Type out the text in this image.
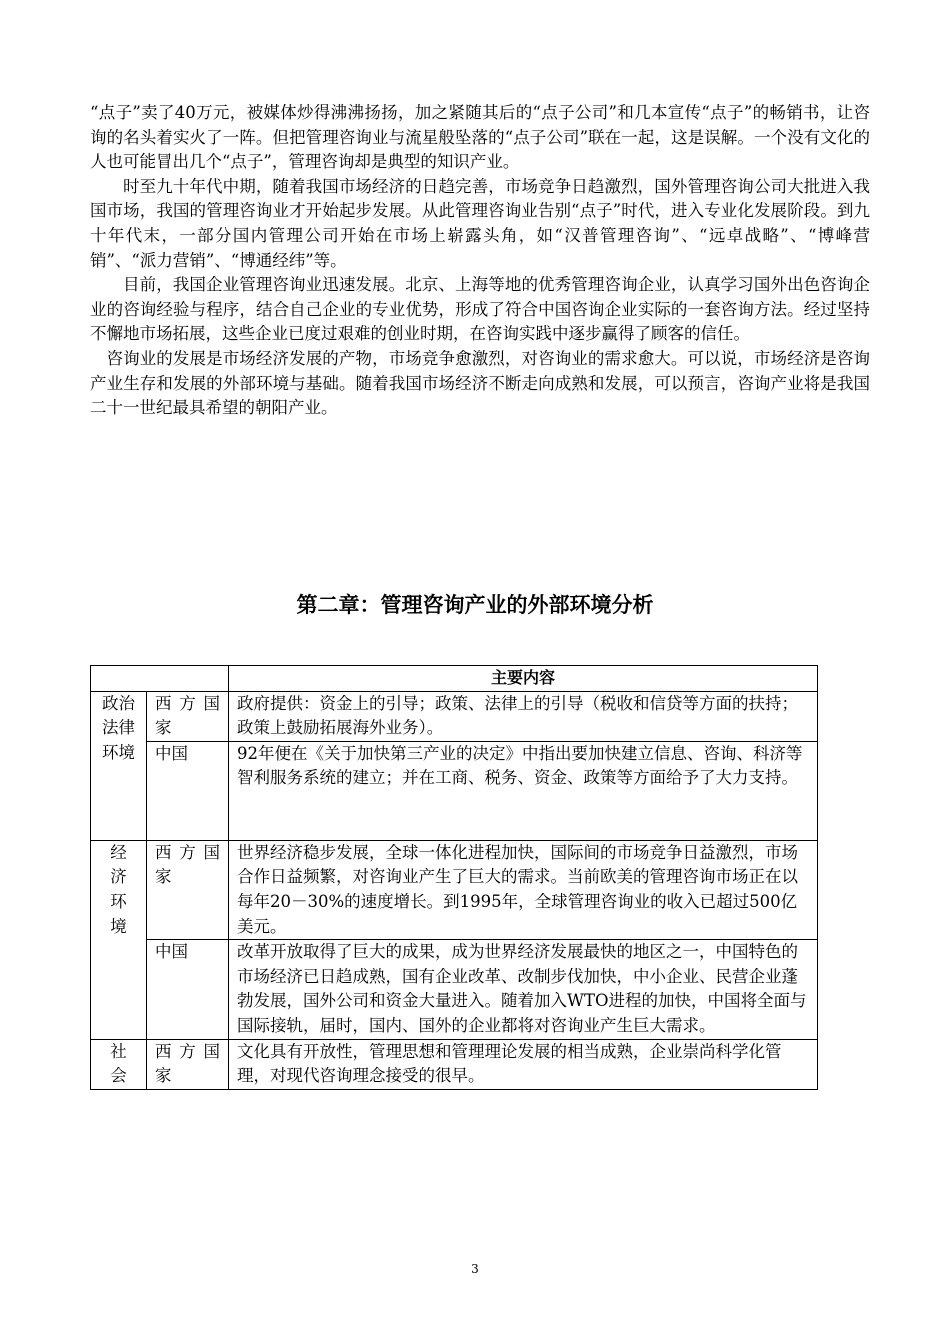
“点子”卖了40万元，被媒体炒得沸沸扬扬，加之紧随其后的“点子公司”和几本宣传“点子”的畅销书，让咨询的名头着实火了一阵。但把管理咨询业与流星般坠落的“点子公司”联在一起，这是误解。一个没有文化的人也可能冒出几个“点子”，管理咨询却是典型的知识产业。

时至九十年代中期，随着我国市场经济的日趋完善，市场竞争日趋激烈，国外管理咨询公司大批进入我国市场，我国的管理咨询业才开始起步发展。从此管理咨询业告别“点子”时代，进入专业化发展阶段。到九十年代末，一部分国内管理公司开始在市场上崭露头角，如“汉普管理咨询”、“远卓战略”、“博峰营销”、“派力营销”、“博通经纬”等。

目前，我国企业管理咨询业迅速发展。北京、上海等地的优秀管理咨询企业，认真学习国外出色咨询企业的咨询经验与程序，结合自己企业的专业优势，形成了符合中国咨询企业实际的一套咨询方法。经过坚持不懈地市场拓展，这些企业已度过艰难的创业时期，在咨询实践中逐步赢得了顾客的信任。

咨询业的发展是市场经济发展的产物，市场竞争愈激烈，对咨询业的需求愈大。可以说，市场经济是咨询产业生存和发展的外部环境与基础。随着我国市场经济不断走向成熟和发展，可以预言，咨询产业将是我国二十一世纪最具希望的朝阳产业。

第二章：管理咨询产业的外部环境分析
		主要内容
政治法律环境	西方国家	政府提供：资金上的引导；政策、法律上的引导（税收和信贷等方面的扶持；政策上鼓励拓展海外业务）。
	中国	92年便在《关于加快第三产业的决定》中指出要加快建立信息、咨询、科济等智利服务系统的建立；并在工商、税务、资金、政策等方面给予了大力支持。
经济环境	西方国家	世界经济稳步发展，全球一体化进程加快，国际间的市场竞争日益激烈，市场合作日益频繁，对咨询业产生了巨大的需求。当前欧美的管理咨询市场正在以每年20－30%的速度增长。到1995年，全球管理咨询业的收入已超过500亿美元。
	中国	改革开放取得了巨大的成果，成为世界经济发展最快的地区之一，中国特色的市场经济已日趋成熟，国有企业改革、改制步伐加快，中小企业、民营企业蓬勃发展，国外公司和资金大量进入。随着加入WTO进程的加快，中国将全面与国际接轨，届时，国内、国外的企业都将对咨询业产生巨大需求。
社会	西方国家	文化具有开放性，管理思想和管理理论发展的相当成熟，企业崇尚科学化管理，对现代咨询理念接受的很早。
3
